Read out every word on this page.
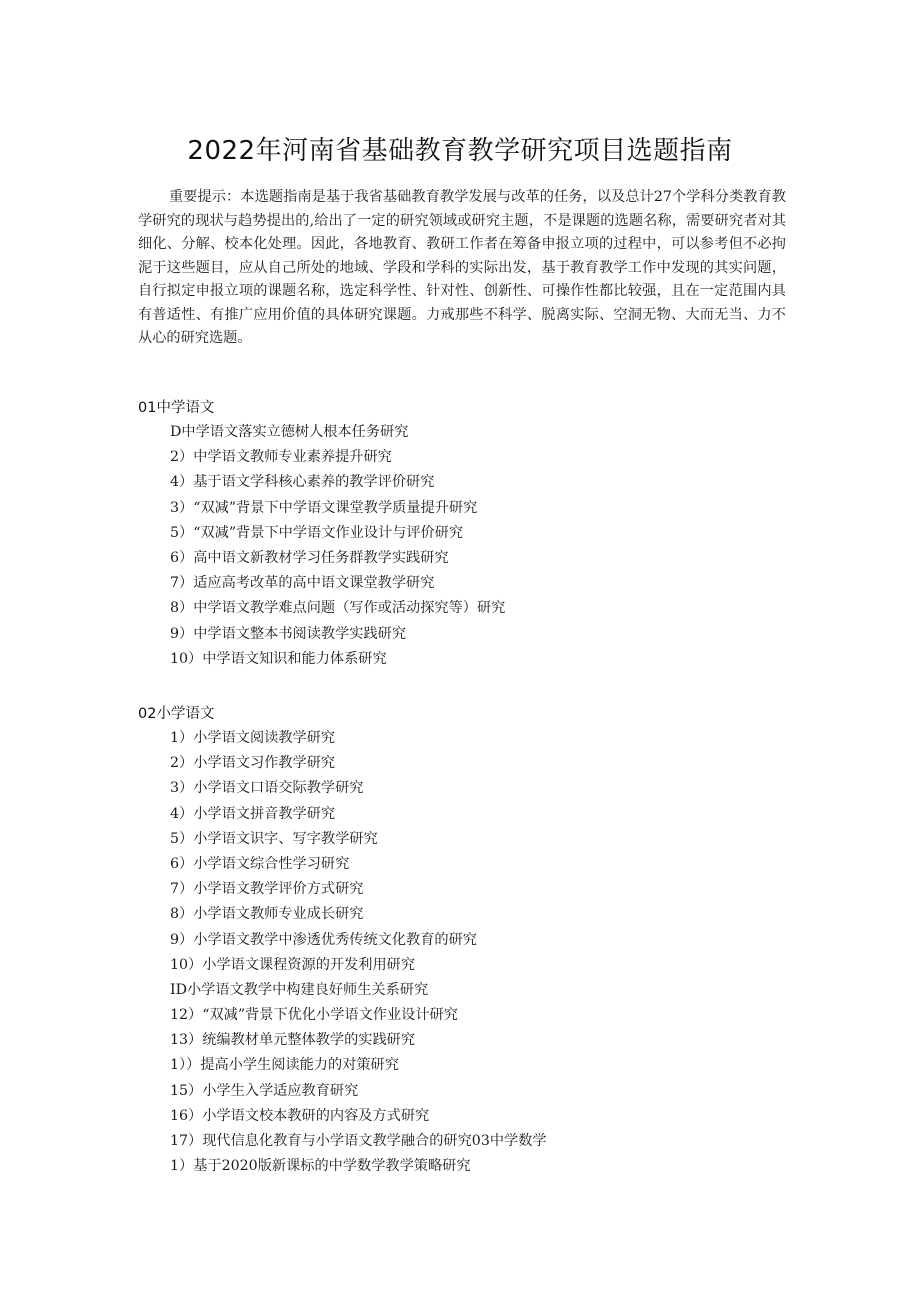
2022年河南省基础教育教学研究项目选题指南

重要提示：本选题指南是基于我省基础教育教学发展与改革的任务，以及总计27个学科分类教育教学研究的现状与趋势提出的,给出了一定的研究领域或研究主题，不是课题的选题名称，需要研究者对其细化、分解、校本化处理。因此，各地教育、教研工作者在筹备申报立项的过程中，可以参考但不必拘泥于这些题目，应从自己所处的地域、学段和学科的实际出发，基于教育教学工作中发现的其实问题，自行拟定申报立项的课题名称，选定科学性、针对性、创新性、可操作性都比较强，且在一定范围内具有普适性、有推广应用价值的具体研究课题。力戒那些不科学、脱离实际、空洞无物、大而无当、力不从心的研究选题。

01中学语文
D中学语文落实立德树人根本任务研究
2）中学语文教师专业素养提升研究
4）基于语文学科核心素养的教学评价研究
3）“双减”背景下中学语文课堂教学质量提升研究
5）“双减”背景下中学语文作业设计与评价研究
6）高中语文新教材学习任务群教学实践研究
7）适应高考改革的高中语文课堂教学研究
8）中学语文教学难点问题（写作或活动探究等）研究
9）中学语文整本书阅读教学实践研究
10）中学语文知识和能力体系研究
02小学语文
1）小学语文阅读教学研究
2）小学语文习作教学研究
3）小学语文口语交际教学研究
4）小学语文拼音教学研究
5）小学语文识字、写字教学研究
6）小学语文综合性学习研究
7）小学语文教学评价方式研究
8）小学语文教师专业成长研究
9）小学语文教学中渗透优秀传统文化教育的研究
10）小学语文课程资源的开发利用研究
ID小学语文教学中构建良好师生关系研究
12）“双减”背景下优化小学语文作业设计研究
13）统编教材单元整体教学的实践研究
1））提高小学生阅读能力的对策研究
15）小学生入学适应教育研究
16）小学语文校本教研的内容及方式研究
17）现代信息化教育与小学语文教学融合的研究03中学数学
1）基于2020版新课标的中学数学教学策略研究
